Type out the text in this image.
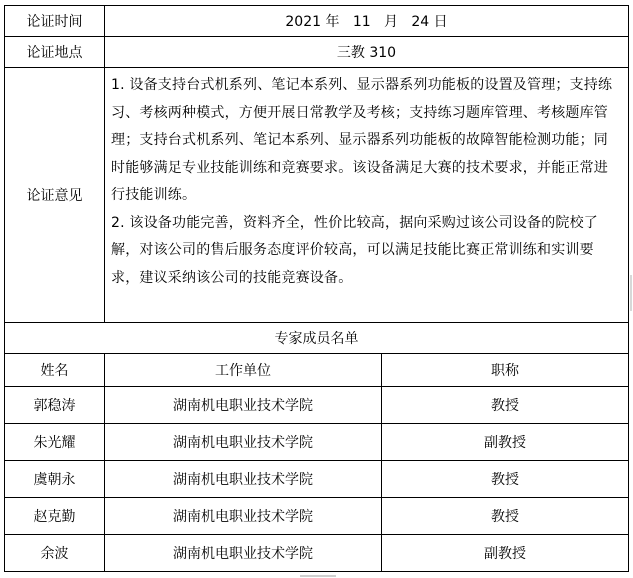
论证时间	2021 年   11   月   24 日	
论证地点	三教 310	
论证意见	1. 设备支持台式机系列、笔记本系列、显示器系列功能板的设置及管理；支持练习、考核两种模式，方便开展日常教学及考核；支持练习题库管理、考核题库管理；支持台式机系列、笔记本系列、显示器系列功能板的故障智能检测功能；同时能够满足专业技能训练和竞赛要求。该设备满足大赛的技术要求，并能正常进行技能训练。

2. 该设备功能完善，资料齐全，性价比较高，据向采购过该公司设备的院校了解，对该公司的售后服务态度评价较高，可以满足技能比赛正常训练和实训要求，建议采纳该公司的技能竞赛设备。	

专家成员名单		
姓名	工作单位	职称
郭稳涛	湖南机电职业技术学院	教授
朱光耀	湖南机电职业技术学院	副教授
虞朝永	湖南机电职业技术学院	教授
赵克勤	湖南机电职业技术学院	教授
余波	湖南机电职业技术学院	副教授
